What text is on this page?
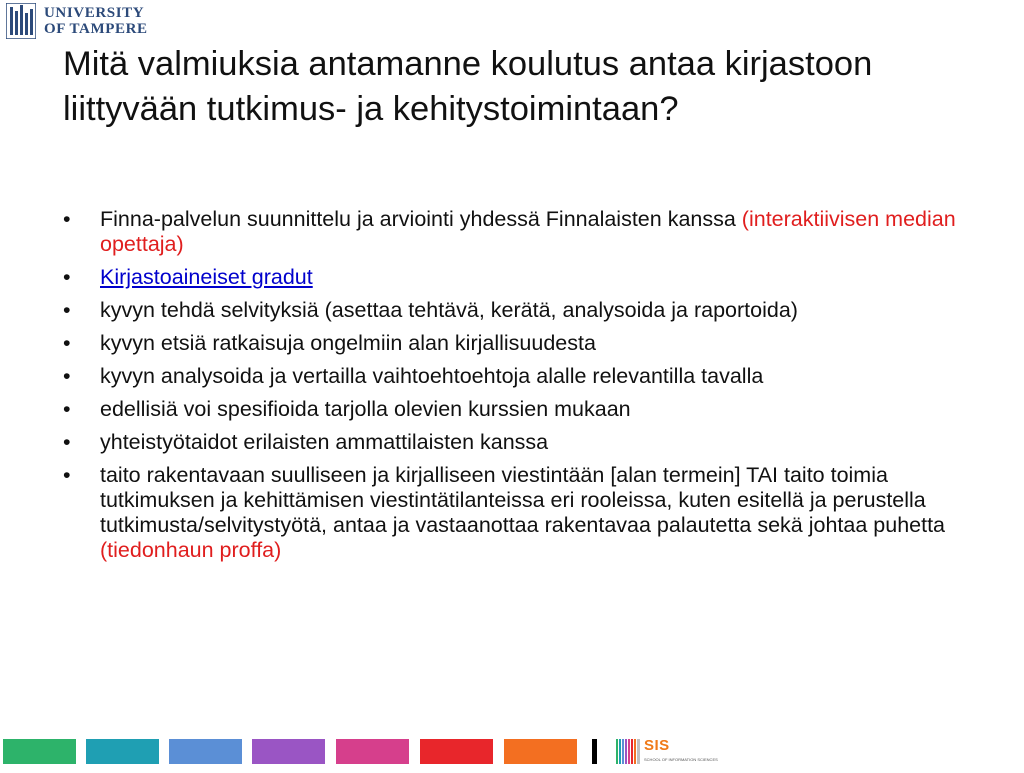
UNIVERSITY
OF TAMPERE
Mitä valmiuksia antamanne koulutus antaa kirjastoon liittyvään tutkimus- ja kehitystoimintaan?
• Finna-palvelun suunnittelu ja arviointi yhdessä Finnalaisten kanssa (interaktiivisen median opettaja)
• Kirjastoaineiset gradut
• kyvyn tehdä selvityksiä (asettaa tehtävä, kerätä, analysoida ja raportoida)
• kyvyn etsiä ratkaisuja ongelmiin alan kirjallisuudesta
• kyvyn analysoida ja vertailla vaihtoehtoehtoja alalle relevantilla tavalla
• edellisiä voi spesifioida tarjolla olevien kurssien mukaan
• yhteistyötaidot erilaisten ammattilaisten kanssa
• taito rakentavaan suulliseen ja kirjalliseen viestintään [alan termein] TAI taito toimia tutkimuksen ja kehittämisen viestintätilanteissa eri rooleissa, kuten esitellä ja perustella tutkimusta/selvitystyötä, antaa ja vastaanottaa rakentavaa palautetta sekä johtaa puhetta (tiedonhaun proffa)
SIS
SCHOOL OF INFORMATION SCIENCES
